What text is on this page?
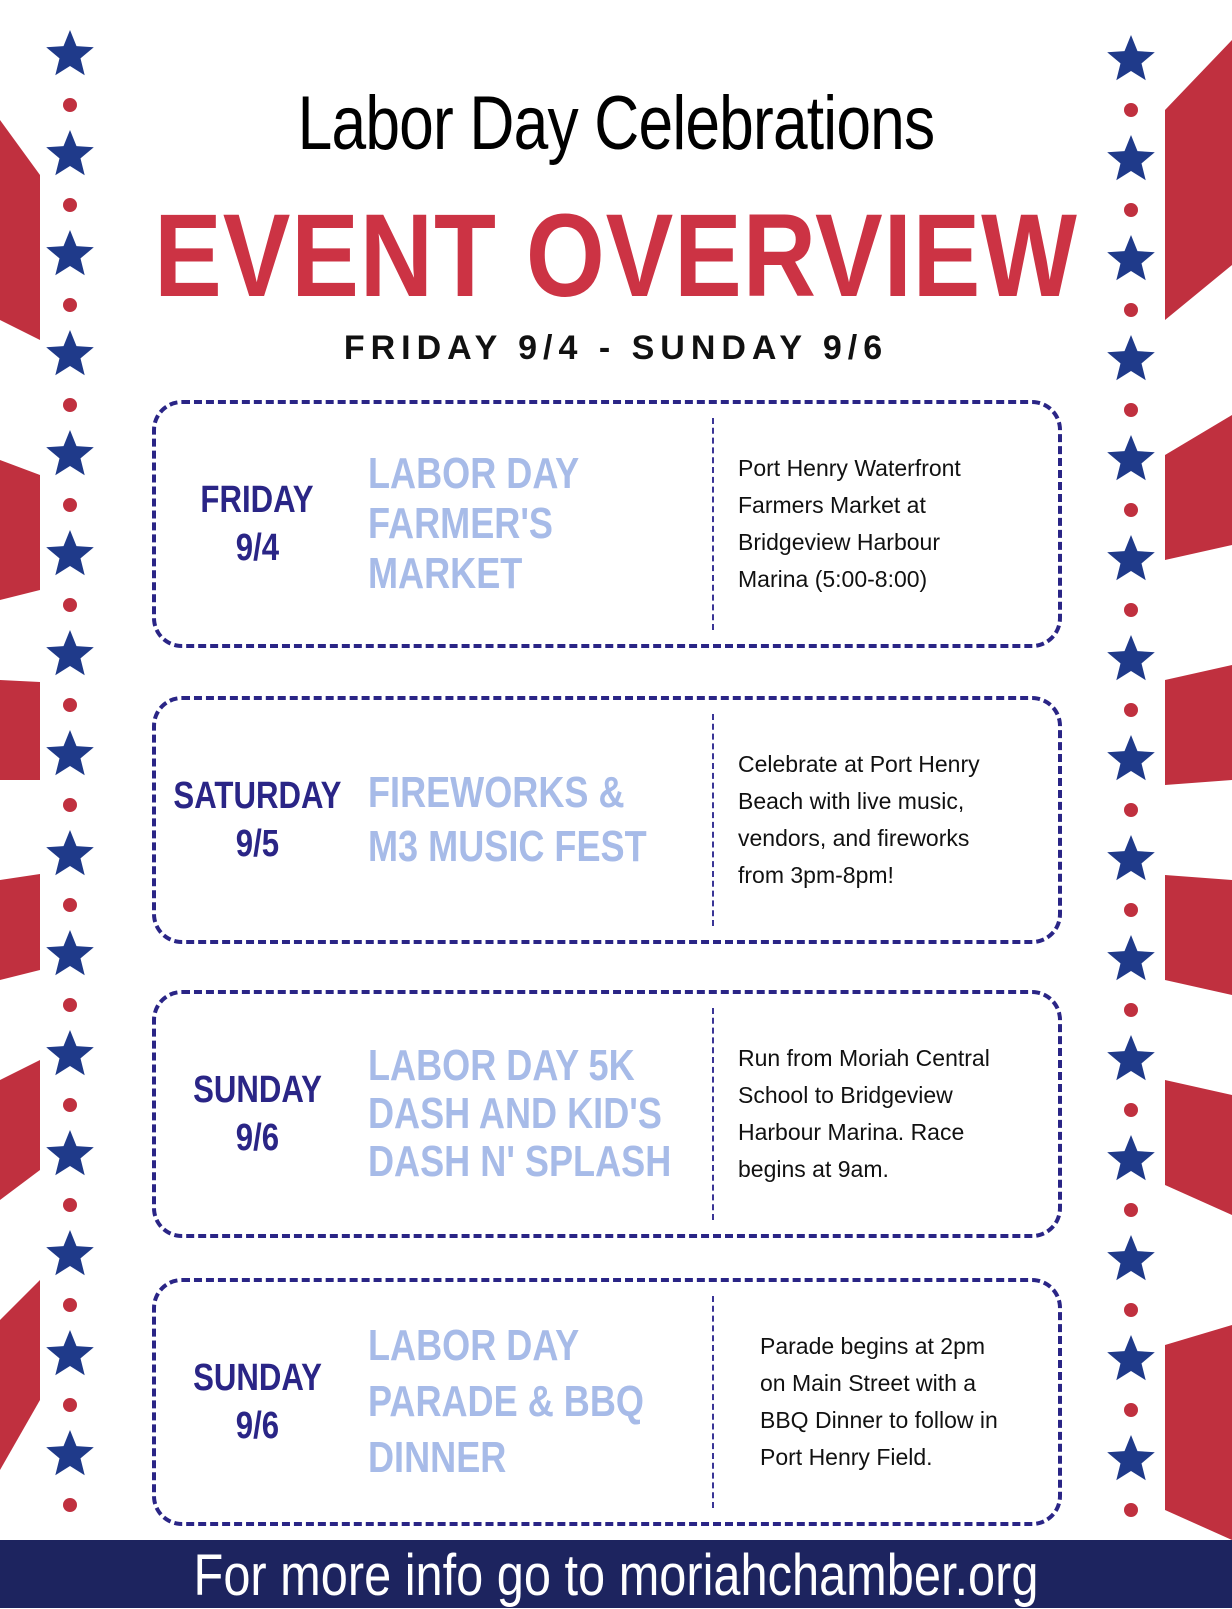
Labor Day Celebrations
EVENT OVERVIEW
FRIDAY 9/4 - SUNDAY 9/6
FRIDAY
9/4
LABOR DAY
FARMER'S MARKET
Port Henry Waterfront
Farmers Market at
Bridgeview Harbour
Marina (5:00-8:00)
SATURDAY
9/5
FIREWORKS &
M3 MUSIC FEST
Celebrate at Port Henry
Beach with live music,
vendors, and fireworks
from 3pm-8pm!
SUNDAY
9/6
LABOR DAY 5K
DASH AND KID'S
DASH N' SPLASH
Run from Moriah Central
School to Bridgeview
Harbour Marina. Race
begins at 9am.
SUNDAY
9/6
LABOR DAY
PARADE & BBQ
DINNER
Parade begins at 2pm
on Main Street with a
BBQ Dinner to follow in
Port Henry Field.
For more info go to moriahchamber.org
